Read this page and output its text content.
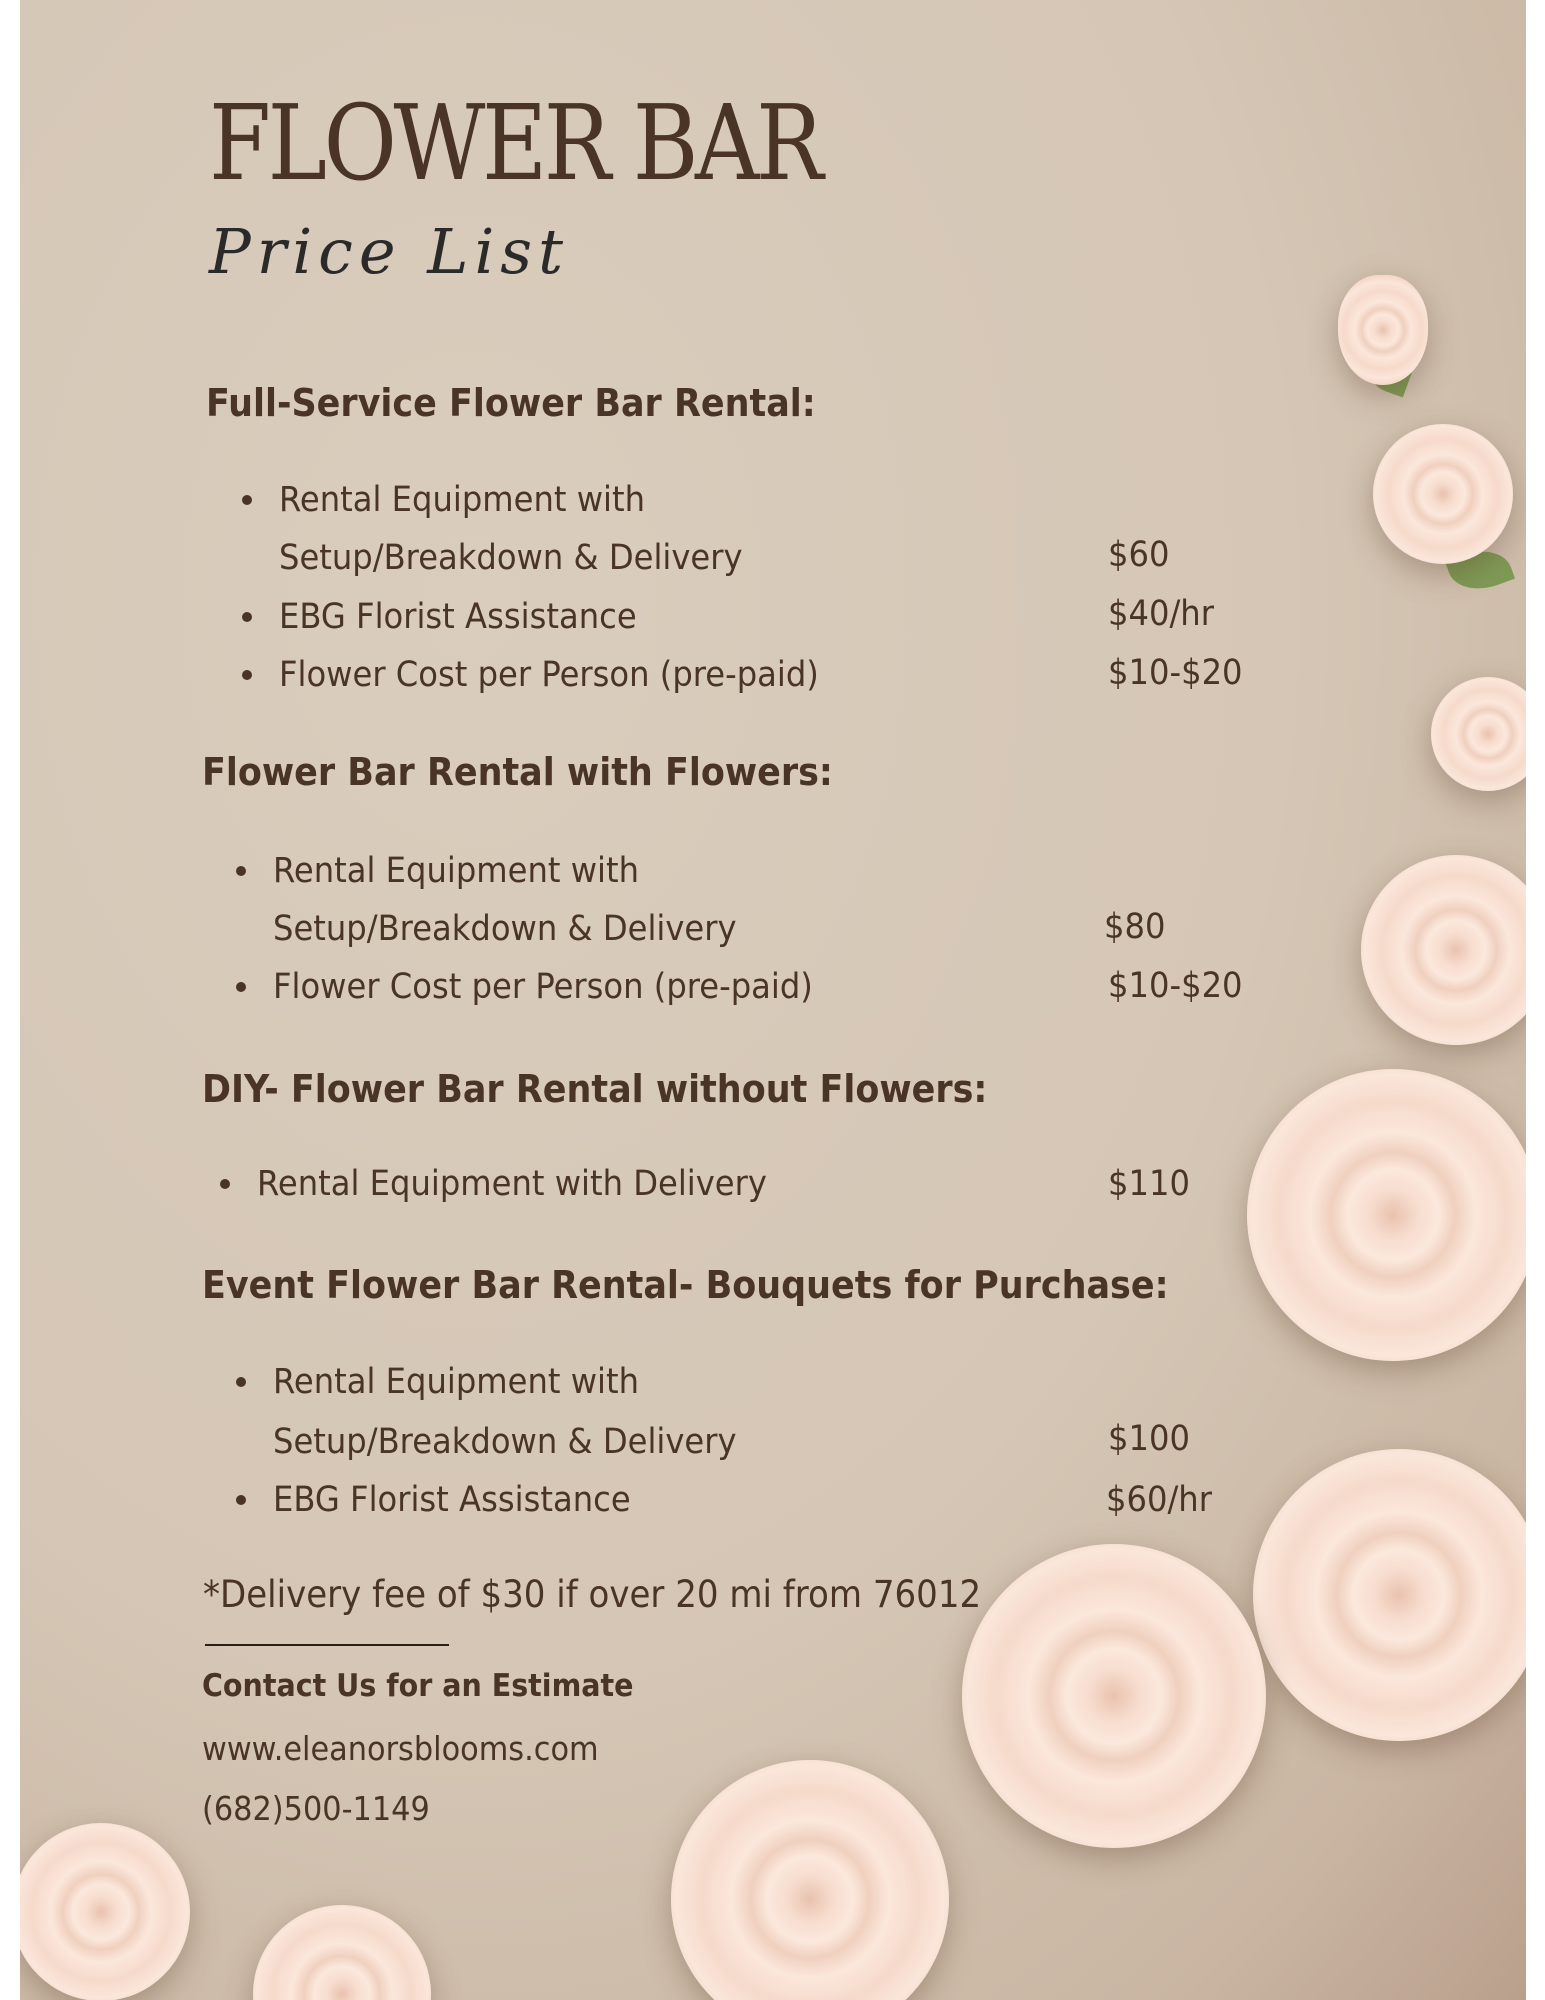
FLOWER BAR
Price List
Full-Service Flower Bar Rental:
Rental Equipment with
Setup/Breakdown & Delivery	$60
EBG Florist Assistance	$40/hr
Flower Cost per Person (pre-paid)	$10-$20
Flower Bar Rental with Flowers:
Rental Equipment with
Setup/Breakdown & Delivery	$80
Flower Cost per Person (pre-paid)	$10-$20
DIY- Flower Bar Rental without Flowers:
Rental Equipment with Delivery	$110
Event Flower Bar Rental- Bouquets for Purchase:
Rental Equipment with
Setup/Breakdown & Delivery	$100
EBG Florist Assistance	$60/hr
*Delivery fee of $30 if over 20 mi from 76012
Contact Us for an Estimate
www.eleanorsblooms.com
(682)500-1149
